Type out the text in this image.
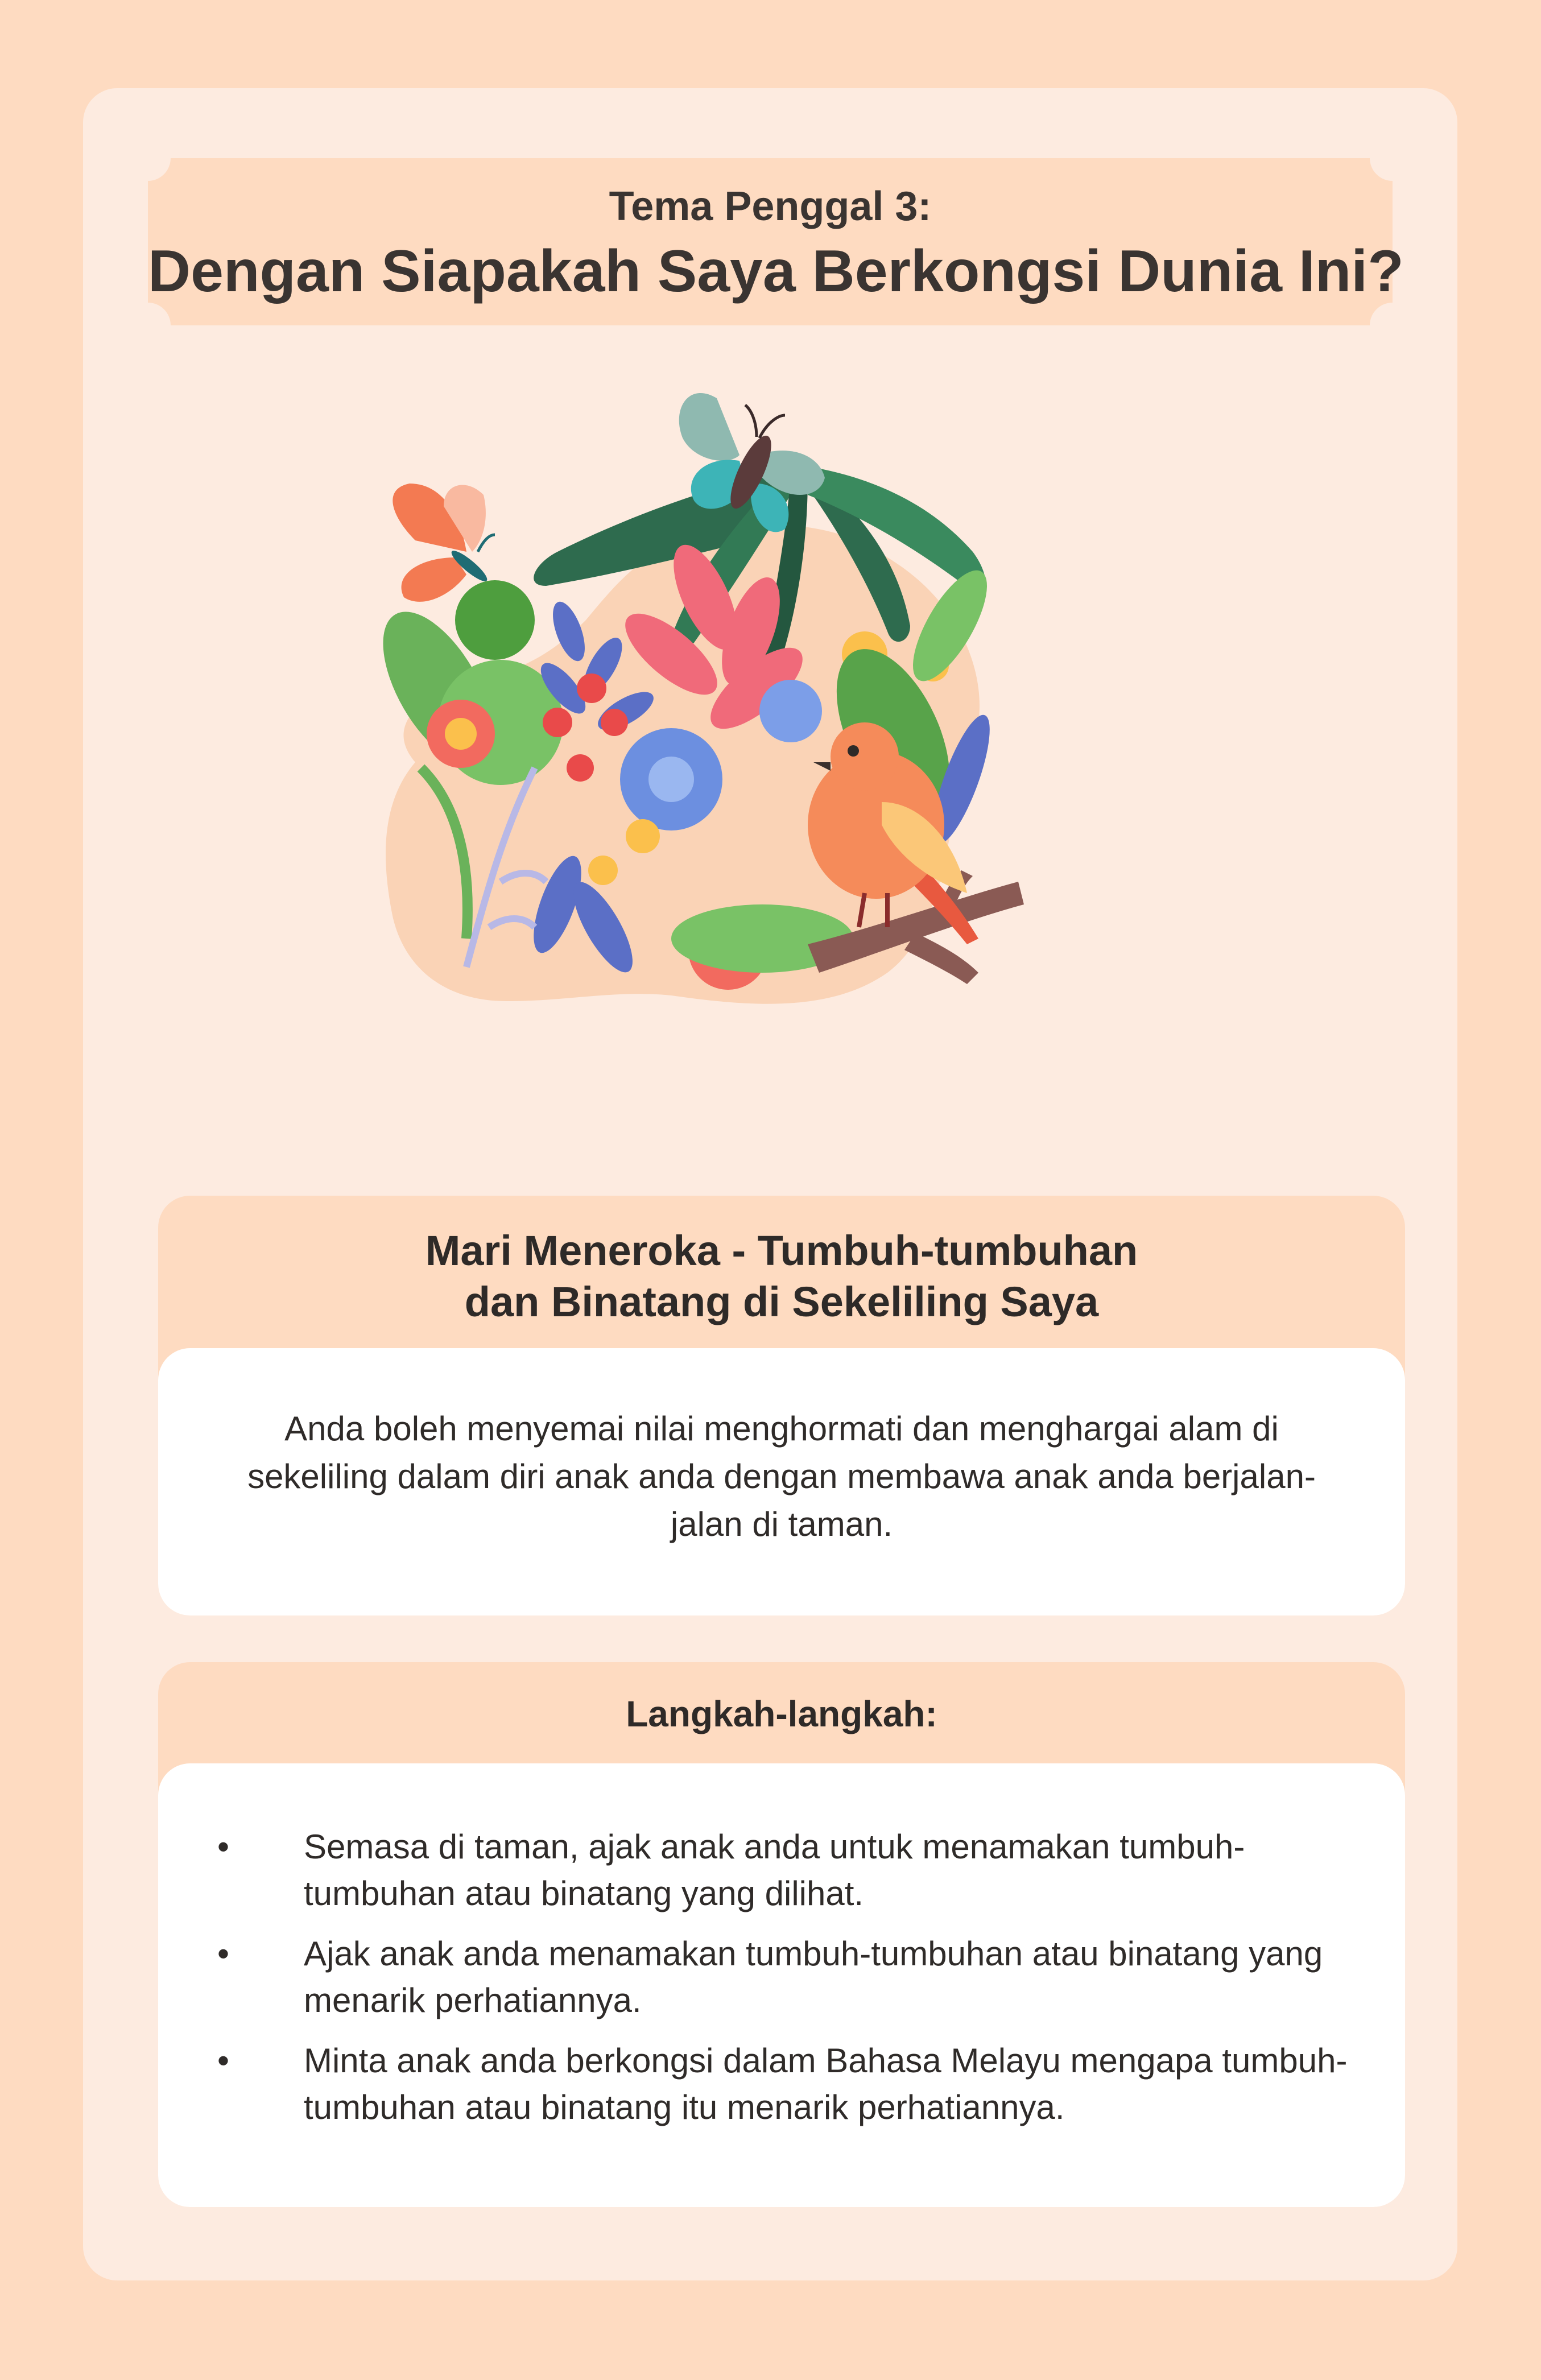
Tema Penggal 3:
Dengan Siapakah Saya Berkongsi Dunia Ini?
Mari Meneroka - Tumbuh-tumbuhan
dan Binatang di Sekeliling Saya

Anda boleh menyemai nilai menghormati dan menghargai alam di sekeliling dalam diri anak anda dengan membawa anak anda berjalan-jalan di taman.

Langkah-langkah:
• Semasa di taman, ajak anak anda untuk menamakan tumbuh-tumbuhan atau binatang yang dilihat.
• Ajak anak anda menamakan tumbuh-tumbuhan atau binatang yang menarik perhatiannya.
• Minta anak anda berkongsi dalam Bahasa Melayu mengapa tumbuh-tumbuhan atau binatang itu menarik perhatiannya.
